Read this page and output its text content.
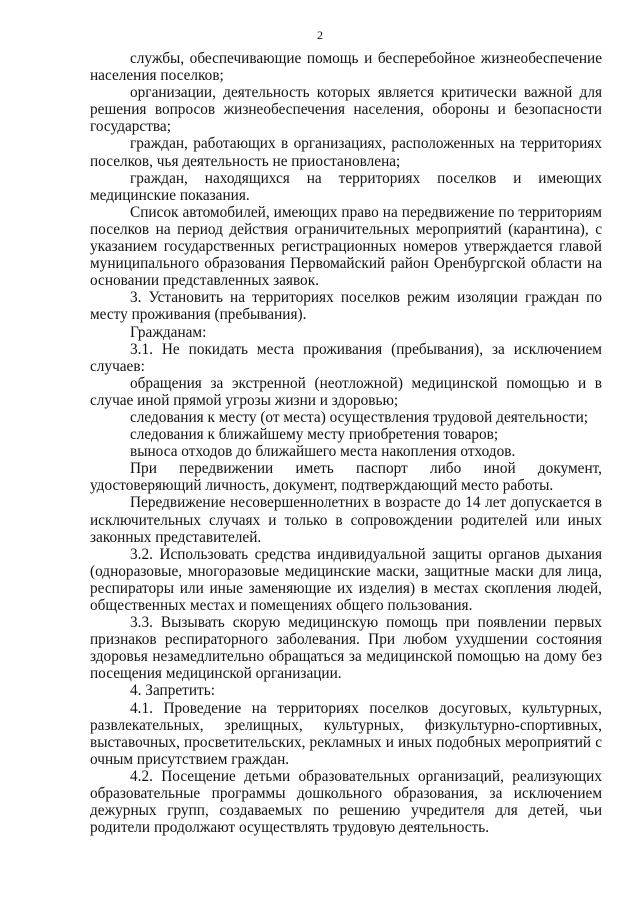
2

службы, обеспечивающие помощь и бесперебойное жизнеобеспечение населения поселков;

организации, деятельность которых является критически важной для решения вопросов жизнеобеспечения населения, обороны и безопасности государства;

граждан, работающих в организациях, расположенных на территориях поселков, чья деятельность не приостановлена;

граждан, находящихся на территориях поселков и имеющих медицинские показания.

Список автомобилей, имеющих право на передвижение по территориям поселков на период действия ограничительных мероприятий (карантина), с указанием государственных регистрационных номеров утверждается главой муниципального образования Первомайский район Оренбургской области на основании представленных заявок.

3. Установить на территориях поселков режим изоляции граждан по месту проживания (пребывания).

Гражданам:

3.1. Не покидать места проживания (пребывания), за исключением случаев:

обращения за экстренной (неотложной) медицинской помощью и в случае иной прямой угрозы жизни и здоровью;

следования к месту (от места) осуществления трудовой деятельности;

следования к ближайшему месту приобретения товаров;

выноса отходов до ближайшего места накопления отходов.

При передвижении иметь паспорт либо иной документ, удостоверяющий личность, документ, подтверждающий место работы.

Передвижение несовершеннолетних в возрасте до 14 лет допускается в исключительных случаях и только в сопровождении родителей или иных законных представителей.

3.2. Использовать средства индивидуальной защиты органов дыхания (одноразовые, многоразовые медицинские маски, защитные маски для лица, респираторы или иные заменяющие их изделия) в местах скопления людей, общественных местах и помещениях общего пользования.

3.3. Вызывать скорую медицинскую помощь при появлении первых признаков респираторного заболевания. При любом ухудшении состояния здоровья незамедлительно обращаться за медицинской помощью на дому без посещения медицинской организации.

4. Запретить:

4.1. Проведение на территориях поселков досуговых, культурных, развлекательных, зрелищных, культурных, физкультурно-спортивных, выставочных, просветительских, рекламных и иных подобных мероприятий с очным присутствием граждан.

4.2. Посещение детьми образовательных организаций, реализующих образовательные программы дошкольного образования, за исключением дежурных групп, создаваемых по решению учредителя для детей, чьи родители продолжают осуществлять трудовую деятельность.
